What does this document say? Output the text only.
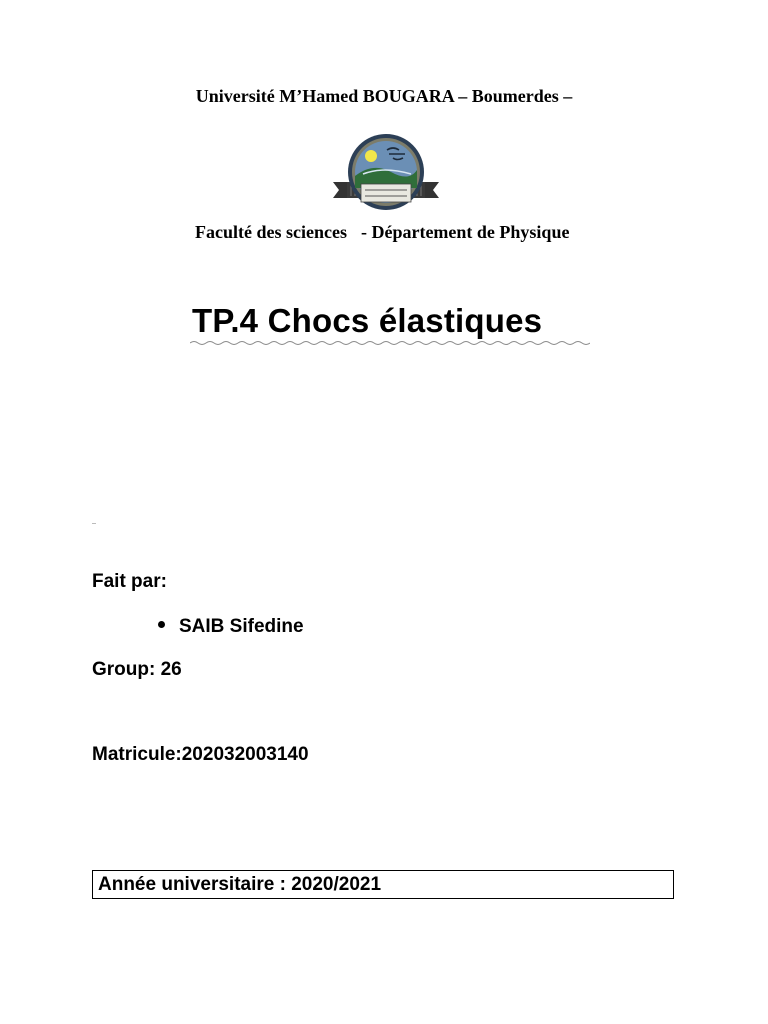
Université M’Hamed BOUGARA – Boumerdes –
Faculté des sciences - Département de Physique
TP.4 Chocs élastiques
Fait par:
SAIB Sifedine
Group: 26
Matricule:202032003140
Année universitaire : 2020/2021
